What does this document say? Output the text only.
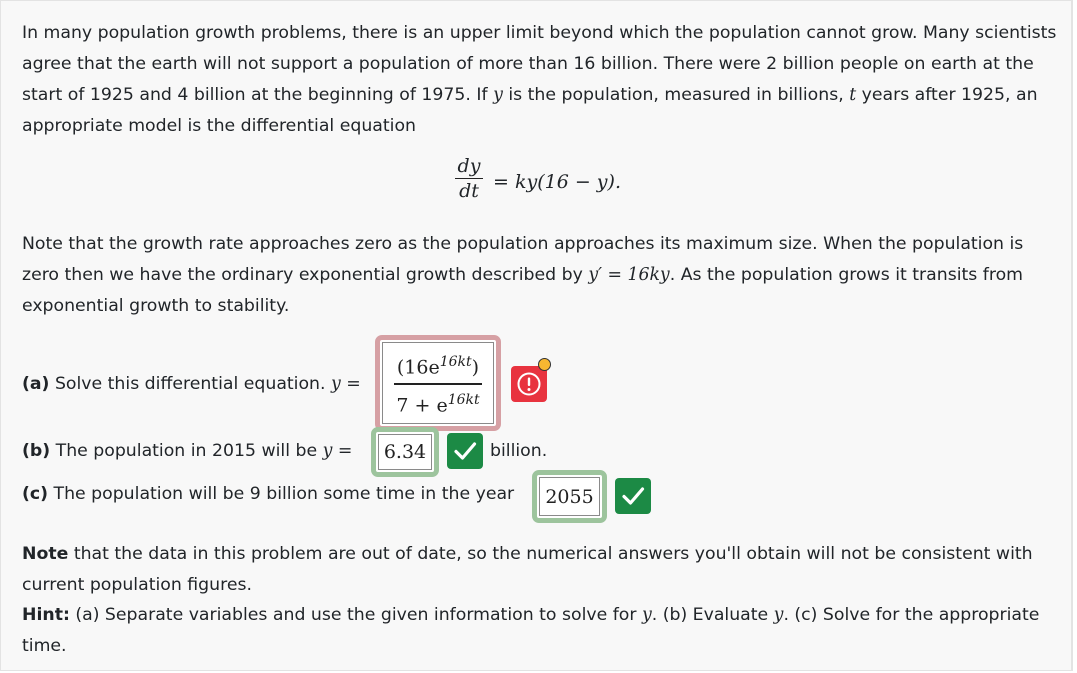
In many population growth problems, there is an upper limit beyond which the population cannot grow. Many scientists agree that the earth will not support a population of more than 16 billion. There were 2 billion people on earth at the start of 1925 and 4 billion at the beginning of 1975. If y is the population, measured in billions, t years after 1925, an appropriate model is the differential equation

dy
dt = ky(16 − y).

Note that the growth rate approaches zero as the population approaches its maximum size. When the population is zero then we have the ordinary exponential growth described by y′ = 16ky. As the population grows it transits from exponential growth to stability.

(a) Solve this differential equation. $y = \frac{(16e^{16kt})}{7 + e^{16kt}}$
(b) The population in 2015 will be y = 6.34	billion.
(c) The population will be 9 billion some time in the year 2055

Note that the data in this problem are out of date, so the numerical answers you'll obtain will not be consistent with current population figures.

Hint: (a) Separate variables and use the given information to solve for y. (b) Evaluate y. (c) Solve for the appropriate time.
